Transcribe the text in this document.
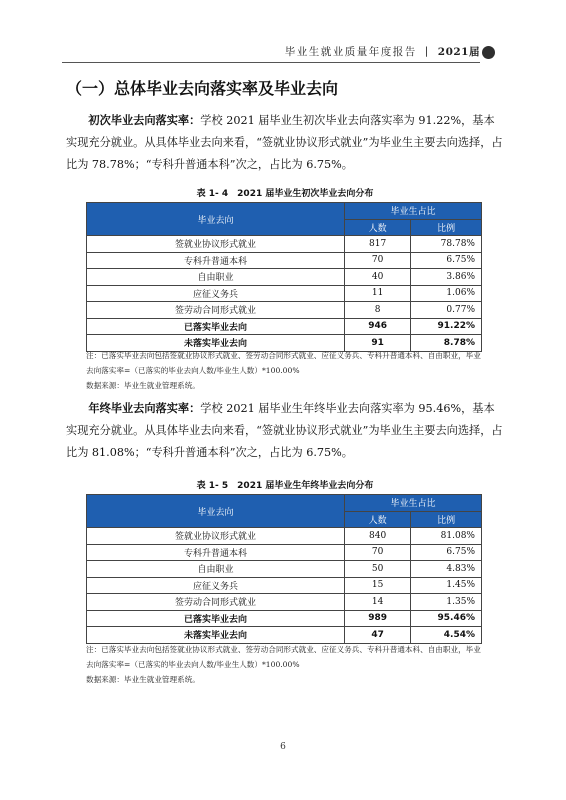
毕业生就业质量年度报告 | 2021届
（一）总体毕业去向落实率及毕业去向

初次毕业去向落实率：学校 2021 届毕业生初次毕业去向落实率为 91.22%，基本实现充分就业。从具体毕业去向来看，“签就业协议形式就业”为毕业生主要去向选择，占比为 78.78%；“专科升普通本科”次之，占比为 6.75%。

表 1- 4　2021 届毕业生初次毕业去向分布
毕业去向	毕业生占比	
	人数	比例
签就业协议形式就业	817	78.78%
专科升普通本科	70	6.75%
自由职业	40	3.86%
应征义务兵	11	1.06%
签劳动合同形式就业	8	0.77%
已落实毕业去向	946	91.22%
未落实毕业去向	91	8.78%

注：已落实毕业去向包括签就业协议形式就业、签劳动合同形式就业、应征义务兵、专科升普通本科、自由职业，毕业去向落实率=（已落实的毕业去向人数/毕业生人数）*100.00%

数据来源：毕业生就业管理系统。

年终毕业去向落实率：学校 2021 届毕业生年终毕业去向落实率为 95.46%，基本实现充分就业。从具体毕业去向来看，“签就业协议形式就业”为毕业生主要去向选择，占比为 81.08%；“专科升普通本科”次之，占比为 6.75%。

表 1- 5　2021 届毕业生年终毕业去向分布
毕业去向	毕业生占比	
	人数	比例
签就业协议形式就业	840	81.08%
专科升普通本科	70	6.75%
自由职业	50	4.83%
应征义务兵	15	1.45%
签劳动合同形式就业	14	1.35%
已落实毕业去向	989	95.46%
未落实毕业去向	47	4.54%

注：已落实毕业去向包括签就业协议形式就业、签劳动合同形式就业、应征义务兵、专科升普通本科、自由职业，毕业去向落实率=（已落实的毕业去向人数/毕业生人数）*100.00%

数据来源：毕业生就业管理系统。

6
